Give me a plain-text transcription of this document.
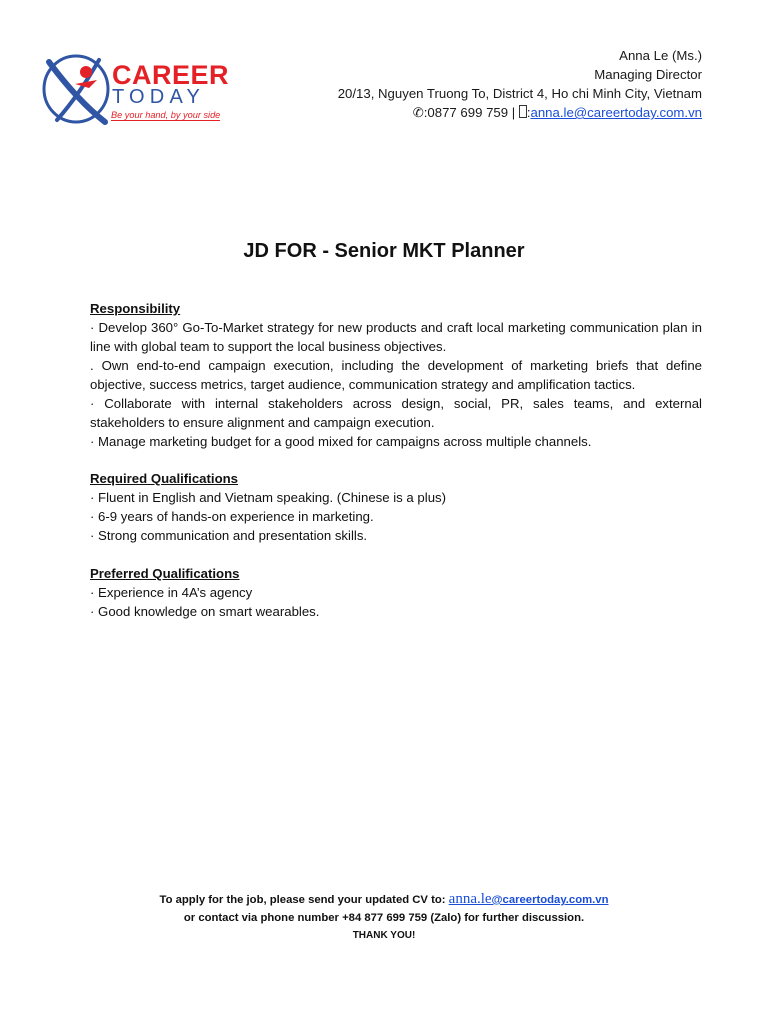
CAREER
TODAY
Be your hand, by your side
Anna Le (Ms.)
Managing Director
20/13, Nguyen Truong To, District 4, Ho chi Minh City, Vietnam
✆:0877 699 759 | :anna.le@careertoday.com.vn
JD FOR - Senior MKT Planner
Responsibility

· Develop 360° Go-To-Market strategy for new products and craft local marketing communication plan in line with global team to support the local business objectives.

. Own end-to-end campaign execution, including the development of marketing briefs that define objective, success metrics, target audience, communication strategy and amplification tactics.

· Collaborate with internal stakeholders across design, social, PR, sales teams, and external stakeholders to ensure alignment and campaign execution.

· Manage marketing budget for a good mixed for campaigns across multiple channels.

Required Qualifications

· Fluent in English and Vietnam speaking. (Chinese is a plus)

· 6-9 years of hands-on experience in marketing.

· Strong communication and presentation skills.

Preferred Qualifications

· Experience in 4A’s agency

· Good knowledge on smart wearables.

To apply for the job, please send your updated CV to: anna.le@careertoday.com.vn
or contact via phone number +84 877 699 759 (Zalo) for further discussion.
THANK YOU!
